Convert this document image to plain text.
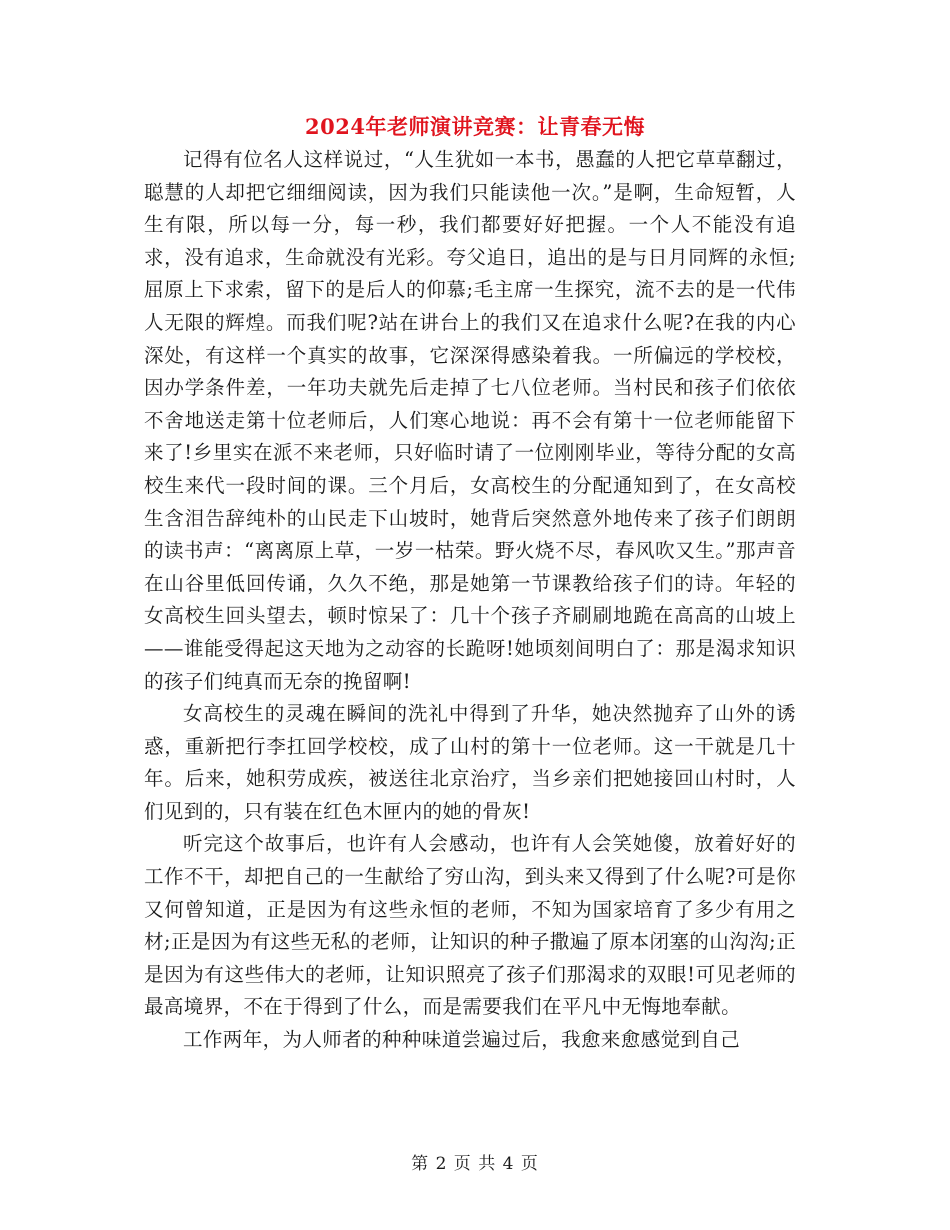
2024年老师演讲竞赛：让青春无悔

记得有位名人这样说过，“人生犹如一本书，愚蠢的人把它草草翻过，聪慧的人却把它细细阅读，因为我们只能读他一次。”是啊，生命短暂，人生有限，所以每一分，每一秒，我们都要好好把握。一个人不能没有追求，没有追求，生命就没有光彩。夸父追日，追出的是与日月同辉的永恒;屈原上下求索，留下的是后人的仰慕;毛主席一生探究，流不去的是一代伟人无限的辉煌。而我们呢?站在讲台上的我们又在追求什么呢?在我的内心深处，有这样一个真实的故事，它深深得感染着我。一所偏远的学校校，因办学条件差，一年功夫就先后走掉了七八位老师。当村民和孩子们依依不舍地送走第十位老师后，人们寒心地说：再不会有第十一位老师能留下来了!乡里实在派不来老师，只好临时请了一位刚刚毕业，等待分配的女高校生来代一段时间的课。三个月后，女高校生的分配通知到了，在女高校生含泪告辞纯朴的山民走下山坡时，她背后突然意外地传来了孩子们朗朗的读书声：“离离原上草，一岁一枯荣。野火烧不尽，春风吹又生。”那声音在山谷里低回传诵，久久不绝，那是她第一节课教给孩子们的诗。年轻的女高校生回头望去，顿时惊呆了：几十个孩子齐刷刷地跪在高高的山坡上——谁能受得起这天地为之动容的长跪呀!她顷刻间明白了：那是渴求知识的孩子们纯真而无奈的挽留啊!

女高校生的灵魂在瞬间的洗礼中得到了升华，她决然抛弃了山外的诱惑，重新把行李扛回学校校，成了山村的第十一位老师。这一干就是几十年。后来，她积劳成疾，被送往北京治疗，当乡亲们把她接回山村时，人们见到的，只有装在红色木匣内的她的骨灰!

听完这个故事后，也许有人会感动，也许有人会笑她傻，放着好好的工作不干，却把自己的一生献给了穷山沟，到头来又得到了什么呢?可是你又何曾知道，正是因为有这些永恒的老师，不知为国家培育了多少有用之材;正是因为有这些无私的老师，让知识的种子撒遍了原本闭塞的山沟沟;正是因为有这些伟大的老师，让知识照亮了孩子们那渴求的双眼!可见老师的最高境界，不在于得到了什么，而是需要我们在平凡中无悔地奉献。

工作两年，为人师者的种种味道尝遍过后，我愈来愈感觉到自己

第 2 页 共 4 页
